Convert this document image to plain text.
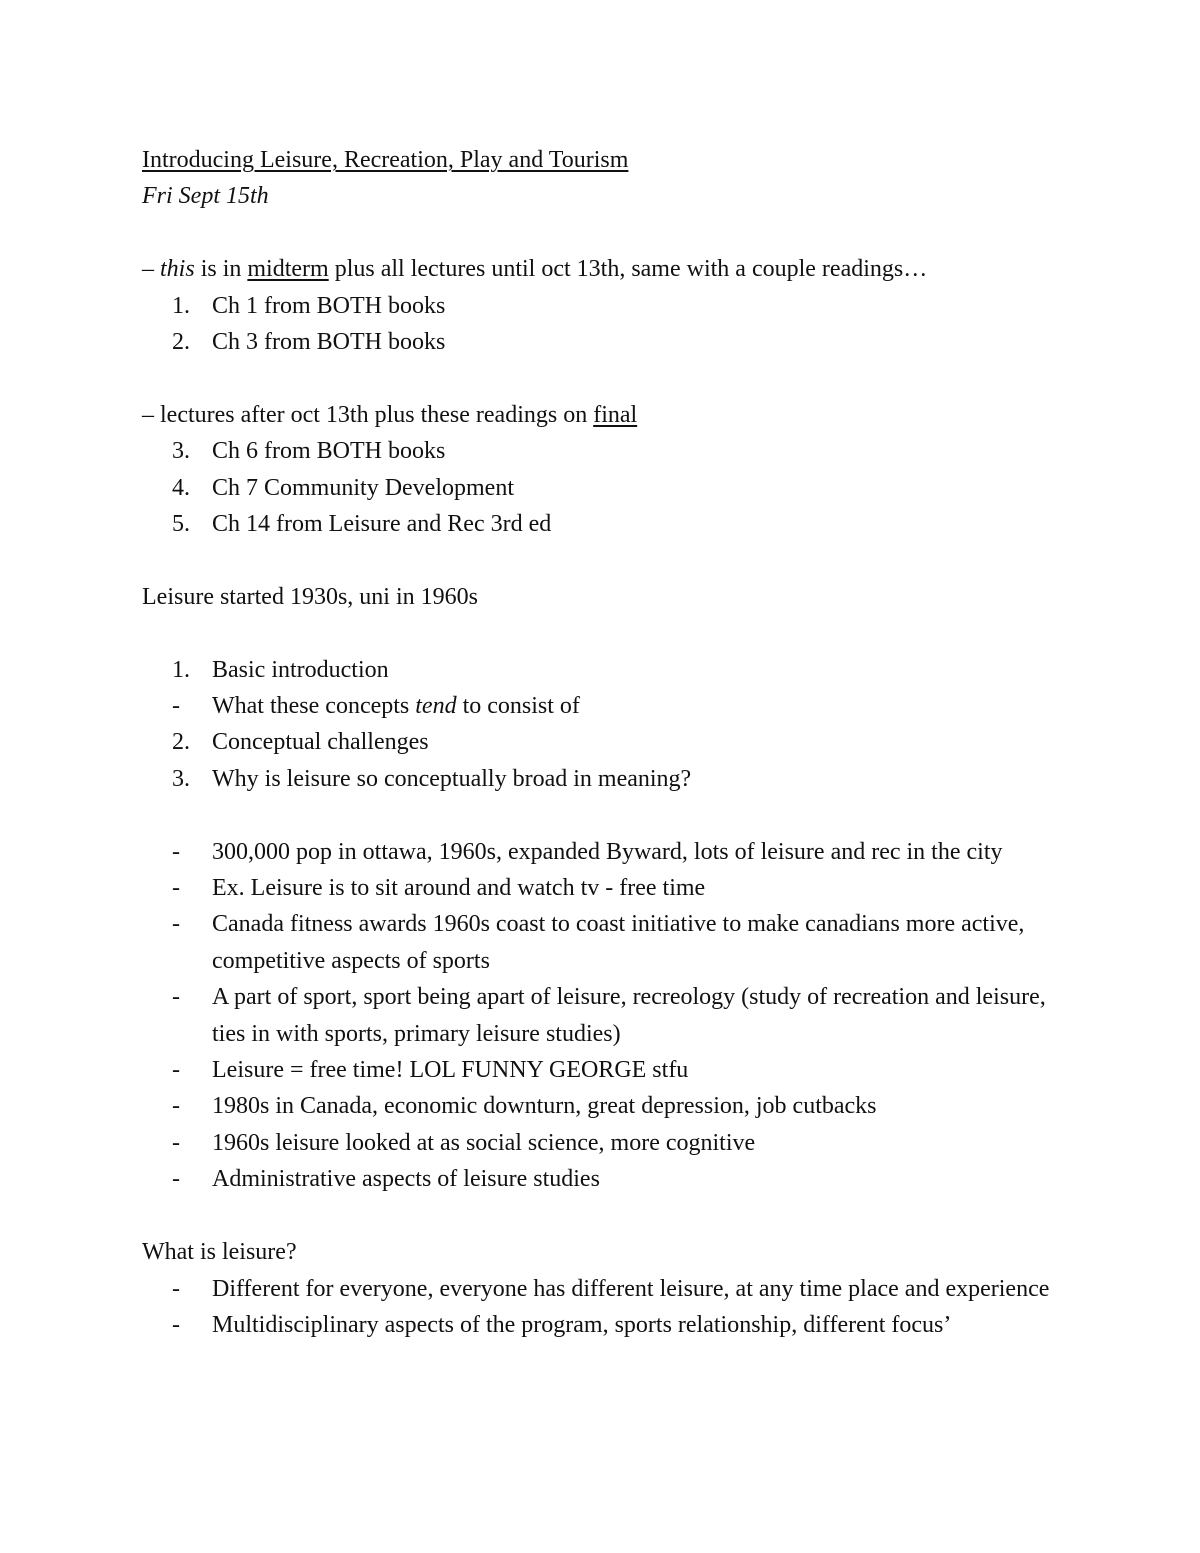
Introducing Leisure, Recreation, Play and Tourism
Fri Sept 15th
– this is in midterm plus all lectures until oct 13th, same with a couple readings…
1. Ch 1 from BOTH books
2. Ch 3 from BOTH books
– lectures after oct 13th plus these readings on final
3. Ch 6 from BOTH books
4. Ch 7 Community Development
5. Ch 14 from Leisure and Rec 3rd ed
Leisure started 1930s, uni in 1960s
1. Basic introduction
-	What these concepts tend to consist of
2. Conceptual challenges
3. Why is leisure so conceptually broad in meaning?
-	300,000 pop in ottawa, 1960s, expanded Byward, lots of leisure and rec in the city
-	Ex. Leisure is to sit around and watch tv - free time
-	Canada fitness awards 1960s coast to coast initiative to make canadians more active, competitive aspects of sports
-	A part of sport, sport being apart of leisure, recreology (study of recreation and leisure, ties in with sports, primary leisure studies)
-	Leisure = free time! LOL FUNNY GEORGE stfu
-	1980s in Canada, economic downturn, great depression, job cutbacks
-	1960s leisure looked at as social science, more cognitive
-	Administrative aspects of leisure studies
What is leisure?
-	Different for everyone, everyone has different leisure, at any time place and experience
-	Multidisciplinary aspects of the program, sports relationship, different focus’
